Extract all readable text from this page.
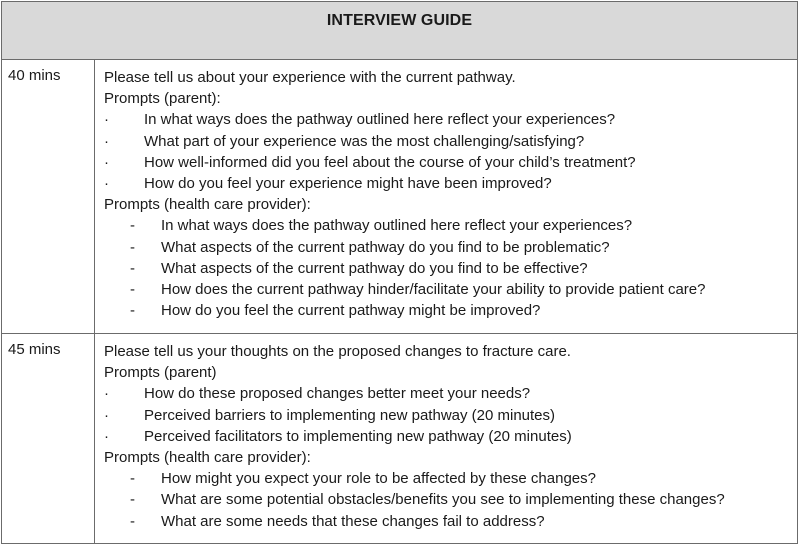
INTERVIEW GUIDE
40 mins	Please tell us about your experience with the current pathway.
Prompts (parent):
·	In what ways does the pathway outlined here reflect your experiences?
·	What part of your experience was the most challenging/satisfying?
·	How well-informed did you feel about the course of your child’s treatment?
·	How do you feel your experience might have been improved?
Prompts (health care provider):
-	In what ways does the pathway outlined here reflect your experiences?
-	What aspects of the current pathway do you find to be problematic?
-	What aspects of the current pathway do you find to be effective?
-	How does the current pathway hinder/facilitate your ability to provide patient care?
-	How do you feel the current pathway might be improved?
45 mins	Please tell us your thoughts on the proposed changes to fracture care.
Prompts (parent)
·	How do these proposed changes better meet your needs?
·	Perceived barriers to implementing new pathway (20 minutes)
·	Perceived facilitators to implementing new pathway (20 minutes)
Prompts (health care provider):
-	How might you expect your role to be affected by these changes?
-	What are some potential obstacles/benefits you see to implementing these changes?
-	What are some needs that these changes fail to address?
